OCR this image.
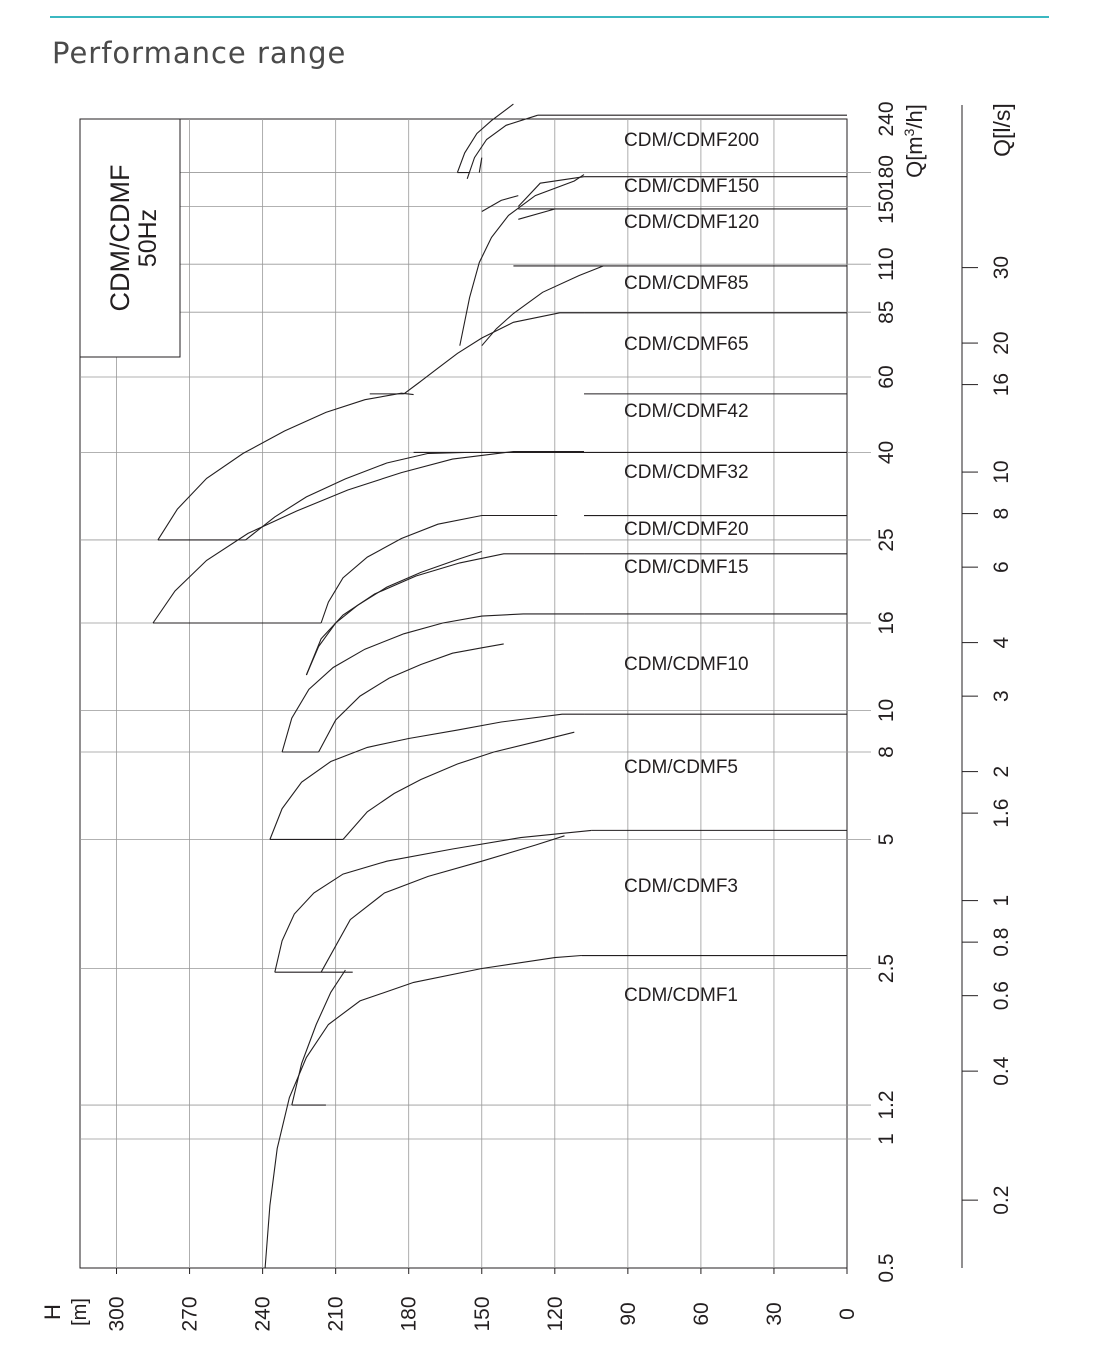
Performance range
300 270 240 210 180 150 120 90 60 30 0
0.5
1
1.2
2.5
5
8
10
16
25
40
60
85
110
150
180
240
0.2
0.4
0.6
0.8
1
1.6
2
3
4
6
8
10
16
20
30
Q[l/s]
$Q[m^3/h]$
H [m]
CDM/CDMF 50Hz
CDM/CDMF1
CDM/CDMF3
CDM/CDMF5
CDM/CDMF10
CDM/CDMF15
CDM/CDMF20
CDM/CDMF32
CDM/CDMF42
CDM/CDMF65
CDM/CDMF85
CDM/CDMF120
CDM/CDMF150
CDM/CDMF200
